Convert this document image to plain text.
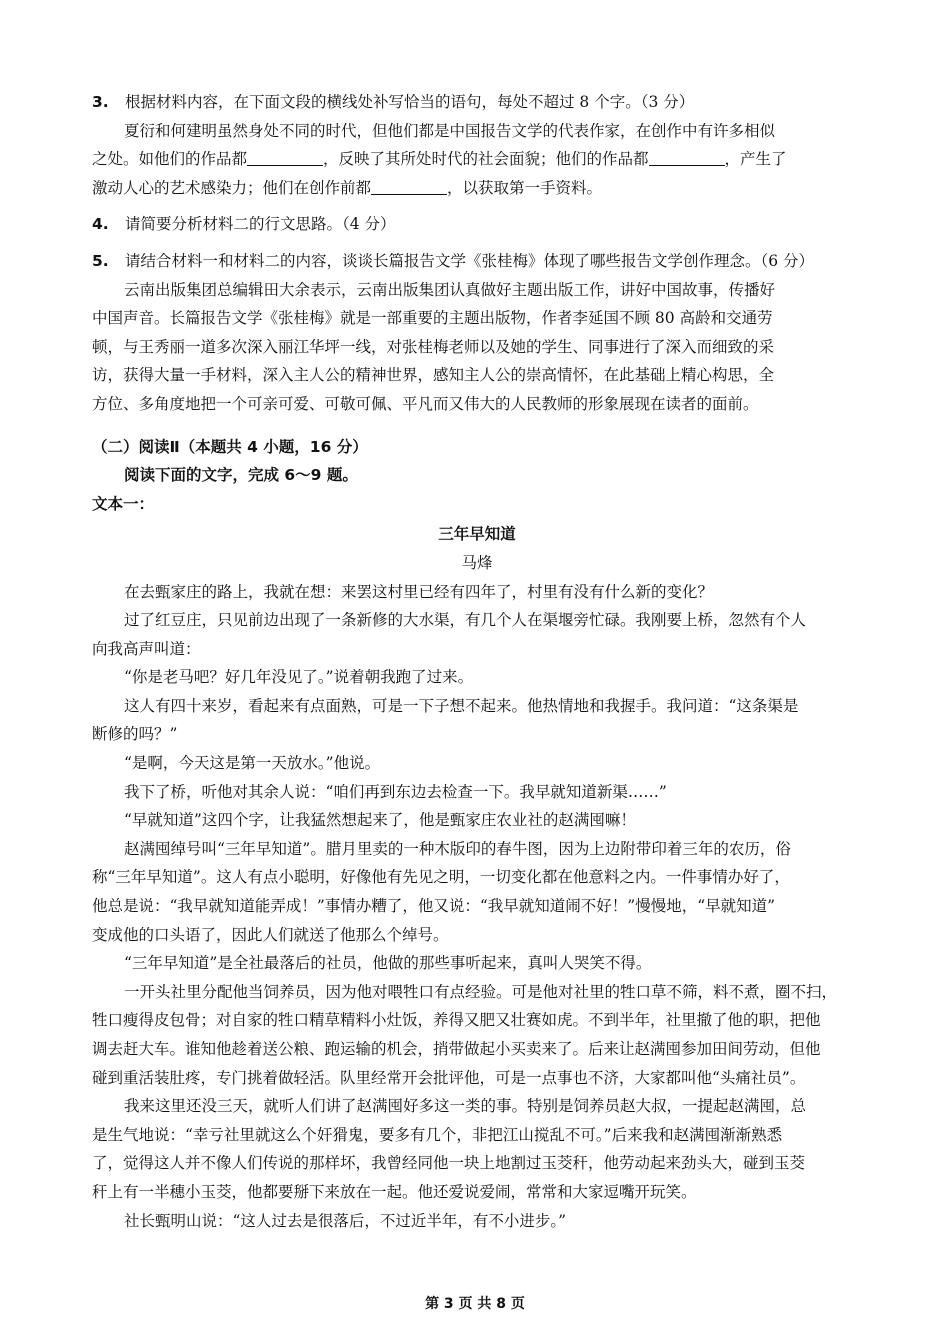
3.	根据材料内容，在下面文段的横线处补写恰当的语句，每处不超过 8 个字。（3 分）

夏衍和何建明虽然身处不同的时代，但他们都是中国报告文学的代表作家，在创作中有许多相似

之处。如他们的作品都	，反映了其所处时代的社会面貌；他们的作品都	，产生了

激动人心的艺术感染力；他们在创作前都	，以获取第一手资料。

4.	请简要分析材料二的行文思路。（4 分）
5.	请结合材料一和材料二的内容，谈谈长篇报告文学《张桂梅》体现了哪些报告文学创作理念。（6 分）

云南出版集团总编辑田大余表示，云南出版集团认真做好主题出版工作，讲好中国故事，传播好

中国声音。长篇报告文学《张桂梅》就是一部重要的主题出版物，作者李延国不顾 80 高龄和交通劳

顿，与王秀丽一道多次深入丽江华坪一线，对张桂梅老师以及她的学生、同事进行了深入而细致的采

访，获得大量一手材料，深入主人公的精神世界，感知主人公的崇高情怀，在此基础上精心构思，全

方位、多角度地把一个可亲可爱、可敬可佩、平凡而又伟大的人民教师的形象展现在读者的面前。

（二）阅读Ⅱ（本题共 4 小题，16 分）

阅读下面的文字，完成 6～9 题。

文本一：

三年早知道

马烽

在去甄家庄的路上，我就在想：来罢这村里已经有四年了，村里有没有什么新的变化？

过了红豆庄，只见前边出现了一条新修的大水渠，有几个人在渠堰旁忙碌。我刚要上桥，忽然有个人

向我高声叫道：

“你是老马吧？好几年没见了。”说着朝我跑了过来。

这人有四十来岁，看起来有点面熟，可是一下子想不起来。他热情地和我握手。我问道：“这条渠是

断修的吗？”

“是啊，今天这是第一天放水。”他说。

我下了桥，听他对其余人说：“咱们再到东边去检查一下。我早就知道新渠……”

“早就知道”这四个字，让我猛然想起来了，他是甄家庄农业社的赵满囤嘛！

赵满囤绰号叫“三年早知道”。腊月里卖的一种木版印的春牛图，因为上边附带印着三年的农历，俗

称“三年早知道”。这人有点小聪明，好像他有先见之明，一切变化都在他意料之内。一件事情办好了，

他总是说：“我早就知道能弄成！”事情办糟了，他又说：“我早就知道闹不好！”慢慢地，“早就知道”

变成他的口头语了，因此人们就送了他那么个绰号。

“三年早知道”是全社最落后的社员，他做的那些事听起来，真叫人哭笑不得。

一开头社里分配他当饲养员，因为他对喂牲口有点经验。可是他对社里的牲口草不筛，料不煮，圈不扫，

牲口瘦得皮包骨；对自家的牲口精草精料小灶饭，养得又肥又壮赛如虎。不到半年，社里撤了他的职，把他

调去赶大车。谁知他趁着送公粮、跑运输的机会，捎带做起小买卖来了。后来让赵满囤参加田间劳动，但他

碰到重活装肚疼，专门挑着做轻活。队里经常开会批评他，可是一点事也不济，大家都叫他“头痛社员”。

我来这里还没三天，就听人们讲了赵满囤好多这一类的事。特别是饲养员赵大叔，一提起赵满囤，总

是生气地说：“幸亏社里就这么个奸猾鬼，要多有几个，非把江山搅乱不可。”后来我和赵满囤渐渐熟悉

了，觉得这人并不像人们传说的那样坏，我曾经同他一块上地割过玉茭秆，他劳动起来劲头大，碰到玉茭

秆上有一半穗小玉茭，他都要掰下来放在一起。他还爱说爱闹，常常和大家逗嘴开玩笑。

社长甄明山说：“这人过去是很落后，不过近半年，有不小进步。”

第 3 页 共 8 页
